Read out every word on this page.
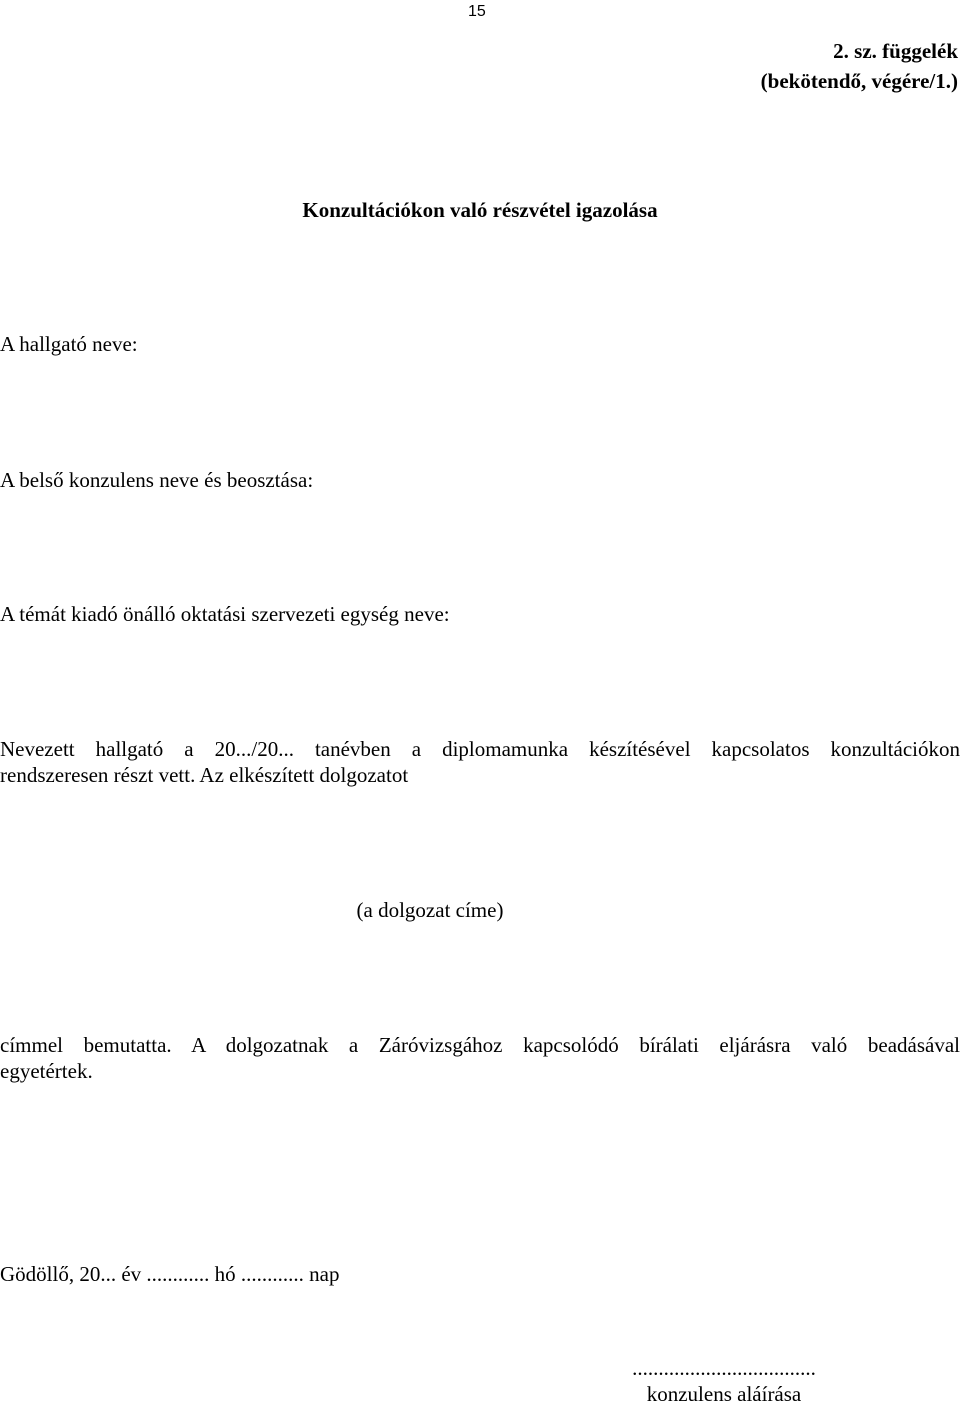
15
2. sz. függelék
(bekötendő, végére/1.)
Konzultációkon való részvétel igazolása
A hallgató neve:
A belső konzulens neve és beosztása:
A témát kiadó önálló oktatási szervezeti egység neve:
Nevezett hallgató a 20.../20... tanévben a diplomamunka készítésével kapcsolatos konzultációkon
rendszeresen részt vett. Az elkészített dolgozatot
(a dolgozat címe)
címmel bemutatta. A dolgozatnak a Záróvizsgához kapcsolódó bírálati eljárásra való beadásával
egyetértek.
Gödöllő, 20... év ............ hó ............ nap
...................................
konzulens aláírása
